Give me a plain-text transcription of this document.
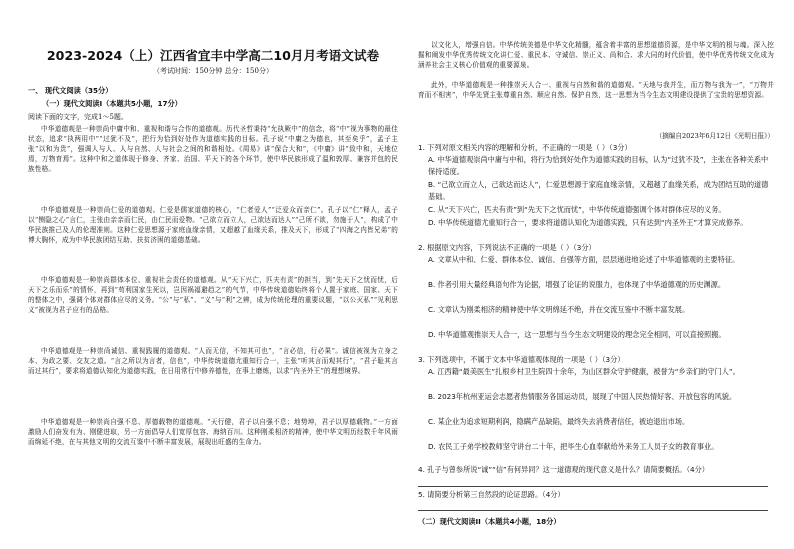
2023-2024（上）江西省宜丰中学高二10月月考语文试卷
（考试时间：150分钟 总分：150分）
一、 现代文阅读（35分）
（一）现代文阅读I（本题共5小题，17分）
阅读下面的文字，完成1～5题。
中华道德观是一种崇尚中庸中和、重视和谐与合作的道德观。历代圣哲秉持“允执厥中”的信念，将“中”视为事物的最佳状态，追求“执两用中”“过犹不及”，把行为恰到好处作为道德实践的目标。孔子说“中庸之为德也，其至矣乎”，孟子主张“以和为贵”，强调人与人、人与自然、人与社会之间的和谐相处。《周易》讲“保合大和”，《中庸》讲“致中和，天地位焉，万物育焉”。这种中和之道体现于修身、齐家、治国、平天下的各个环节，使中华民族形成了温和敦厚、兼容并包的民族性格。
中华道德观是一种崇尚仁爱的道德观。仁爱是儒家道德的核心，“仁者爱人”“泛爱众而亲仁”。孔子以“仁”释人，孟子以“恻隐之心”言仁，主张由亲亲而仁民，由仁民而爱物。“己欲立而立人，己欲达而达人”“己所不欲，勿施于人”，构成了中华民族推己及人的伦理准则。这种仁爱思想源于家庭血缘亲情，又超越了血缘关系，推及天下，形成了“四海之内皆兄弟”的博大胸怀，成为中华民族团结互助、扶贫济困的道德基础。
中华道德观是一种崇尚群体本位、重视社会责任的道德观。从“天下兴亡，匹夫有责”的担当，到“先天下之忧而忧，后天下之乐而乐”的情怀，再到“苟利国家生死以，岂因祸福避趋之”的气节，中华传统道德始终将个人置于家庭、国家、天下的整体之中，强调个体对群体应尽的义务。“公”与“私”、“义”与“利”之辨，成为传统伦理的重要议题，“以公灭私”“见利思义”被视为君子应有的品格。
中华道德观是一种崇尚诚信、重视践履的道德观。“人而无信，不知其可也”，“言必信，行必果”。诚信被视为立身之本、为政之要、交友之道。“言之所以为言者，信也”，中华传统道德尤重知行合一，主张“听其言而观其行”，“君子耻其言而过其行”，要求将道德认知化为道德实践，在日用常行中修养德性，在事上磨炼，以求“内圣外王”的理想境界。
中华道德观是一种崇尚自强不息、厚德载物的道德观。“天行健，君子以自强不息；地势坤，君子以厚德载物。”一方面激励人们奋发有为、刚健进取，另一方面倡导人们宽厚包容、海纳百川。这种刚柔相济的精神，使中华文明历经数千年风雨而绵延不绝，在与其他文明的交流互鉴中不断丰富发展，展现出旺盛的生命力。
以文化人，增强自信。中华传统美德是中华文化精髓，蕴含着丰富的思想道德资源，是中华文明的根与魂。深入挖掘和阐发中华优秀传统文化讲仁爱、重民本、守诚信、崇正义、尚和合、求大同的时代价值，使中华优秀传统文化成为涵养社会主义核心价值观的重要源泉。
此外，中华道德观是一种推崇天人合一、重视与自然和谐的道德观。“天地与我并生，而万物与我为一”，“万物并育而不相害”，中华先贤主张尊重自然、顺应自然、保护自然，这一思想为当今生态文明建设提供了宝贵的思想资源。
（摘编自2023年6月12日《光明日报》）
1. 下列对原文相关内容的理解和分析，不正确的一项是（ ）（3分）
A. 中华道德观崇尚中庸与中和，将行为恰到好处作为道德实践的目标，认为“过犹不及”，主张在各种关系中保持适度。
B. “己欲立而立人，己欲达而达人”，仁爱思想源于家庭血缘亲情，又超越了血缘关系，成为团结互助的道德基础。
C. 从“天下兴亡，匹夫有责”到“先天下之忧而忧”，中华传统道德强调个体对群体应尽的义务。
D. 中华传统道德尤重知行合一，要求将道德认知化为道德实践，只有达到“内圣外王”才算完成修养。
2. 根据原文内容，下列说法不正确的一项是（ ）（3分）
A. 文章从中和、仁爱、群体本位、诚信、自强等方面，层层递进地论述了中华道德观的主要特征。
B. 作者引用大量经典语句作为论据，增强了论证的说服力，也体现了中华道德观的历史渊源。
C. 文章认为刚柔相济的精神使中华文明绵延不绝，并在交流互鉴中不断丰富发展。
D. 中华道德观推崇天人合一，这一思想与当今生态文明建设的理念完全相同，可以直接照搬。
3. 下列选项中，不属于文本中华道德观体现的一项是（ ）（3分）
A. 江西籍“最美医生”扎根乡村卫生院四十余年，为山区群众守护健康，被誉为“乡亲们的守门人”。
B. 2023年杭州亚运会志愿者热情服务各国运动员，展现了中国人民热情好客、开放包容的风貌。
C. 某企业为追求短期利润，隐瞒产品缺陷，最终失去消费者信任，被迫退出市场。
D. 农民工子弟学校教师坚守讲台二十年，把毕生心血奉献给外来务工人员子女的教育事业。
4. 孔子与曾参所说“诚”“信”有何异同？这一道德观的现代意义是什么？请简要概括。（4分）
5. 请简要分析第三自然段的论证思路。（4分）
（二）现代文阅读II（本题共4小题，18分）
